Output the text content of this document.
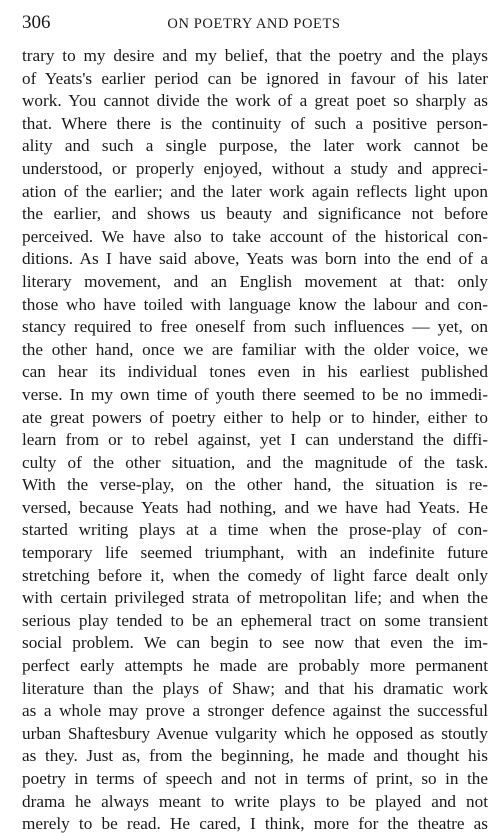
306	ON POETRY AND POETS
trary to my desire and my belief, that the poetry and the plays
of Yeats's earlier period can be ignored in favour of his later
work. You cannot divide the work of a great poet so sharply as
that. Where there is the continuity of such a positive person-
ality and such a single purpose, the later work cannot be
understood, or properly enjoyed, without a study and appreci-
ation of the earlier; and the later work again reflects light upon
the earlier, and shows us beauty and significance not before
perceived. We have also to take account of the historical con-
ditions. As I have said above, Yeats was born into the end of a
literary movement, and an English movement at that: only
those who have toiled with language know the labour and con-
stancy required to free oneself from such influences — yet, on
the other hand, once we are familiar with the older voice, we
can hear its individual tones even in his earliest published
verse. In my own time of youth there seemed to be no immedi-
ate great powers of poetry either to help or to hinder, either to
learn from or to rebel against, yet I can understand the diffi-
culty of the other situation, and the magnitude of the task.
With the verse-play, on the other hand, the situation is re-
versed, because Yeats had nothing, and we have had Yeats. He
started writing plays at a time when the prose-play of con-
temporary life seemed triumphant, with an indefinite future
stretching before it, when the comedy of light farce dealt only
with certain privileged strata of metropolitan life; and when the
serious play tended to be an ephemeral tract on some transient
social problem. We can begin to see now that even the im-
perfect early attempts he made are probably more permanent
literature than the plays of Shaw; and that his dramatic work
as a whole may prove a stronger defence against the successful
urban Shaftesbury Avenue vulgarity which he opposed as stoutly
as they. Just as, from the beginning, he made and thought his
poetry in terms of speech and not in terms of print, so in the
drama he always meant to write plays to be played and not
merely to be read. He cared, I think, more for the theatre as
